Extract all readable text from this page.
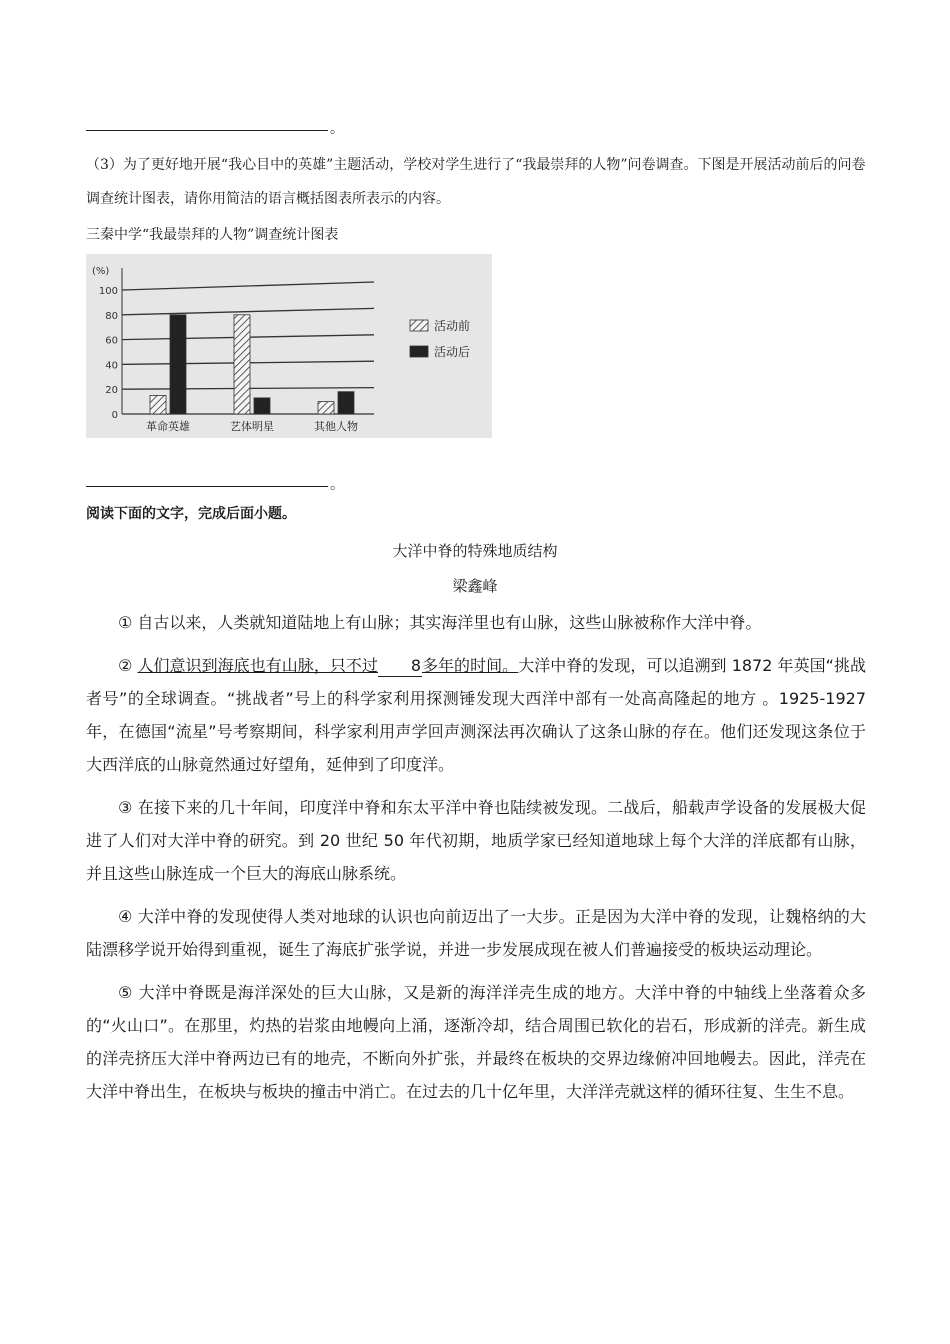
。
（3）为了更好地开展“我心目中的英雄”主题活动，学校对学生进行了“我最崇拜的人物”问卷调查。下图是开展活动前后的问卷调查统计图表，请你用简洁的语言概括图表所表示的内容。
三秦中学“我最崇拜的人物”调查统计图表
(%)
0
20
40
60
80
100
革命英雄	艺体明星	其他人物
活动前
活动后
。
阅读下面的文字，完成后面小题。
大洋中脊的特殊地质结构
梁鑫峰

① 自古以来，人类就知道陆地上有山脉；其实海洋里也有山脉，这些山脉被称作大洋中脊。

② 人们意识到海底也有山脉，只不过 8多年的时间。大洋中脊的发现，可以追溯到 1872 年英国“挑战者号”的全球调查。“挑战者”号上的科学家利用探测锤发现大西洋中部有一处高高隆起的地方 。1925-1927 年，在德国“流星”号考察期间，科学家利用声学回声测深法再次确认了这条山脉的存在。他们还发现这条位于大西洋底的山脉竟然通过好望角，延伸到了印度洋。

③ 在接下来的几十年间，印度洋中脊和东太平洋中脊也陆续被发现。二战后，船载声学设备的发展极大促进了人们对大洋中脊的研究。到 20 世纪 50 年代初期，地质学家已经知道地球上每个大洋的洋底都有山脉，并且这些山脉连成一个巨大的海底山脉系统。

④ 大洋中脊的发现使得人类对地球的认识也向前迈出了一大步。正是因为大洋中脊的发现，让魏格纳的大陆漂移学说开始得到重视，诞生了海底扩张学说，并进一步发展成现在被人们普遍接受的板块运动理论。

⑤ 大洋中脊既是海洋深处的巨大山脉，又是新的海洋洋壳生成的地方。大洋中脊的中轴线上坐落着众多的“火山口”。在那里，灼热的岩浆由地幔向上涌，逐渐冷却，结合周围已软化的岩石，形成新的洋壳。新生成的洋壳挤压大洋中脊两边已有的地壳，不断向外扩张，并最终在板块的交界边缘俯冲回地幔去。因此，洋壳在大洋中脊出生，在板块与板块的撞击中消亡。在过去的几十亿年里，大洋洋壳就这样的循环往复、生生不息。
